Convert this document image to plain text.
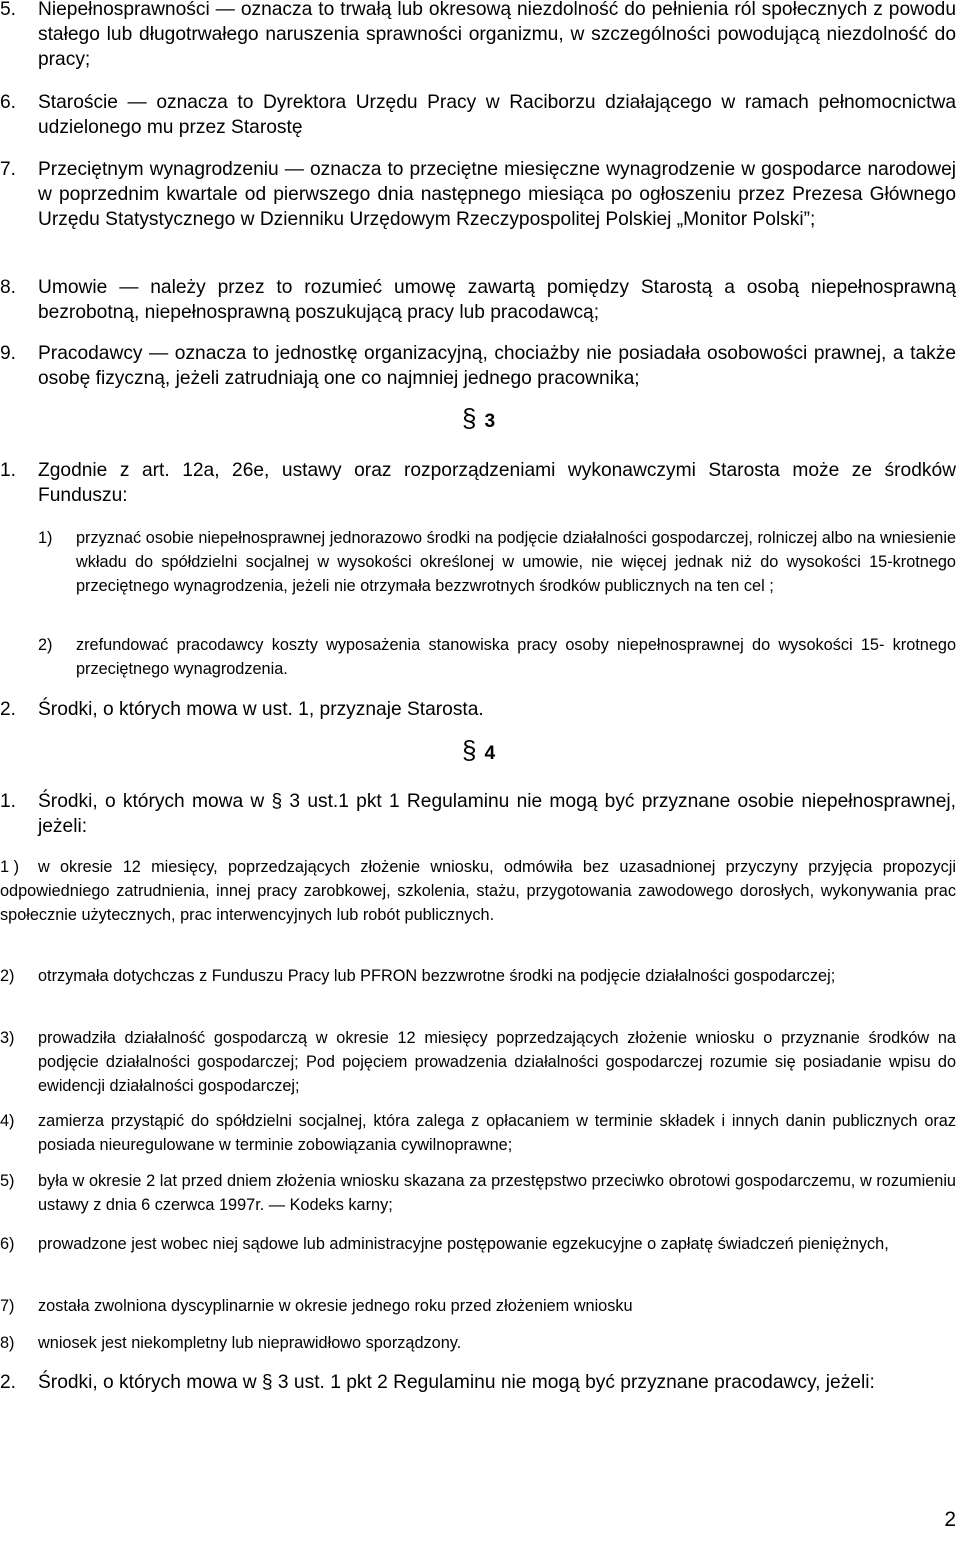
5.	Niepełnosprawności — oznacza to trwałą lub okresową niezdolność do pełnienia ról społecznych z powodu stałego lub długotrwałego naruszenia sprawności organizmu, w szczególności powodującą niezdolność do pracy;
6.	Staroście — oznacza to Dyrektora Urzędu Pracy w Raciborzu działającego w ramach pełnomocnictwa udzielonego mu przez Starostę
7.	Przeciętnym wynagrodzeniu — oznacza to przeciętne miesięczne wynagrodzenie w gospodarce narodowej w poprzednim kwartale od pierwszego dnia następnego miesiąca po ogłoszeniu przez Prezesa Głównego Urzędu Statystycznego w Dzienniku Urzędowym Rzeczypospolitej Polskiej „Monitor Polski”;
8.	Umowie — należy przez to rozumieć umowę zawartą pomiędzy Starostą a osobą niepełnosprawną bezrobotną, niepełnosprawną poszukującą pracy lub pracodawcą;
9.	Pracodawcy — oznacza to jednostkę organizacyjną, chociażby nie posiadała osobowości prawnej, a także osobę fizyczną, jeżeli zatrudniają one co najmniej jednego pracownika;
§ 3
1.	Zgodnie z art. 12a, 26e, ustawy oraz rozporządzeniami wykonawczymi Starosta może ze środków Funduszu:
1)	przyznać osobie niepełnosprawnej jednorazowo środki na podjęcie działalności gospodarczej, rolniczej albo na wniesienie wkładu do spółdzielni socjalnej w wysokości określonej w umowie, nie więcej jednak niż do wysokości 15-krotnego przeciętnego wynagrodzenia, jeżeli nie otrzymała bezzwrotnych środków publicznych na ten cel ;
2)	zrefundować pracodawcy koszty wyposażenia stanowiska pracy osoby niepełnosprawnej do wysokości 15- krotnego przeciętnego wynagrodzenia.
2.	Środki, o których mowa w ust. 1, przyznaje Starosta.
§ 4
1.	Środki, o których mowa w § 3 ust.1 pkt 1 Regulaminu nie mogą być przyznane osobie niepełnosprawnej, jeżeli:
1 ) w okresie 12 miesięcy, poprzedzających złożenie wniosku, odmówiła bez uzasadnionej przyczyny przyjęcia propozycji odpowiedniego zatrudnienia, innej pracy zarobkowej, szkolenia, stażu, przygotowania zawodowego dorosłych, wykonywania prac społecznie użytecznych, prac interwencyjnych lub robót publicznych.
2) otrzymała dotychczas z Funduszu Pracy lub PFRON bezzwrotne środki na podjęcie działalności gospodarczej;
3)	prowadziła działalność gospodarczą w okresie 12 miesięcy poprzedzających złożenie wniosku o przyznanie środków na podjęcie działalności gospodarczej; Pod pojęciem prowadzenia działalności gospodarczej rozumie się posiadanie wpisu do ewidencji działalności gospodarczej;
4)	zamierza przystąpić do spółdzielni socjalnej, która zalega z opłacaniem w terminie składek i innych danin publicznych oraz posiada nieuregulowane w terminie zobowiązania cywilnoprawne;
5)	była w okresie 2 lat przed dniem złożenia wniosku skazana za przestępstwo przeciwko obrotowi gospodarczemu, w rozumieniu ustawy z dnia 6 czerwca 1997r. — Kodeks karny;
6)	prowadzone jest wobec niej sądowe lub administracyjne postępowanie egzekucyjne o zapłatę świadczeń pieniężnych,
7)	została zwolniona dyscyplinarnie w okresie jednego roku przed złożeniem wniosku
8)	wniosek jest niekompletny lub nieprawidłowo sporządzony.
2.	Środki, o których mowa w § 3 ust. 1 pkt 2 Regulaminu nie mogą być przyznane pracodawcy, jeżeli:
2
